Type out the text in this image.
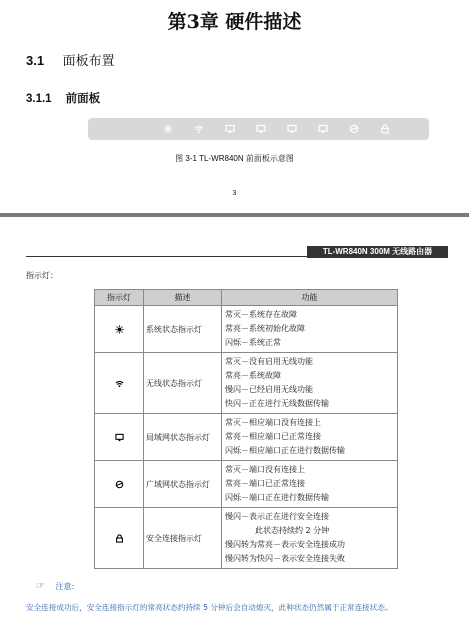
第3章 硬件描述
3.1 面板布置
3.1.1 前面板
图 3-1 TL-WR840N 前面板示意图
3
TL-WR840N 300M 无线路由器
指示灯：
指示灯	描述	功能
	系统状态指示灯	常灭－系统存在故障
常亮－系统初始化故障
闪烁－系统正常

	无线状态指示灯	常灭－没有启用无线功能
常亮－系统故障
慢闪－已经启用无线功能
快闪－正在进行无线数据传输

	局域网状态指示灯	常灭－相应端口没有连接上
常亮－相应端口已正常连接
闪烁－相应端口正在进行数据传输

	广域网状态指示灯	常灭－端口没有连接上
常亮－端口已正常连接
闪烁－端口正在进行数据传输

	安全连接指示灯	慢闪－表示正在进行安全连接
此状态持续约 2 分钟
慢闪转为常亮－表示安全连接成功
慢闪转为快闪－表示安全连接失败
☞ 注意:
安全连接成功后，安全连接指示灯的常亮状态约持续 5 分钟后会自动熄灭，此种状态仍然属于正常连接状态。
